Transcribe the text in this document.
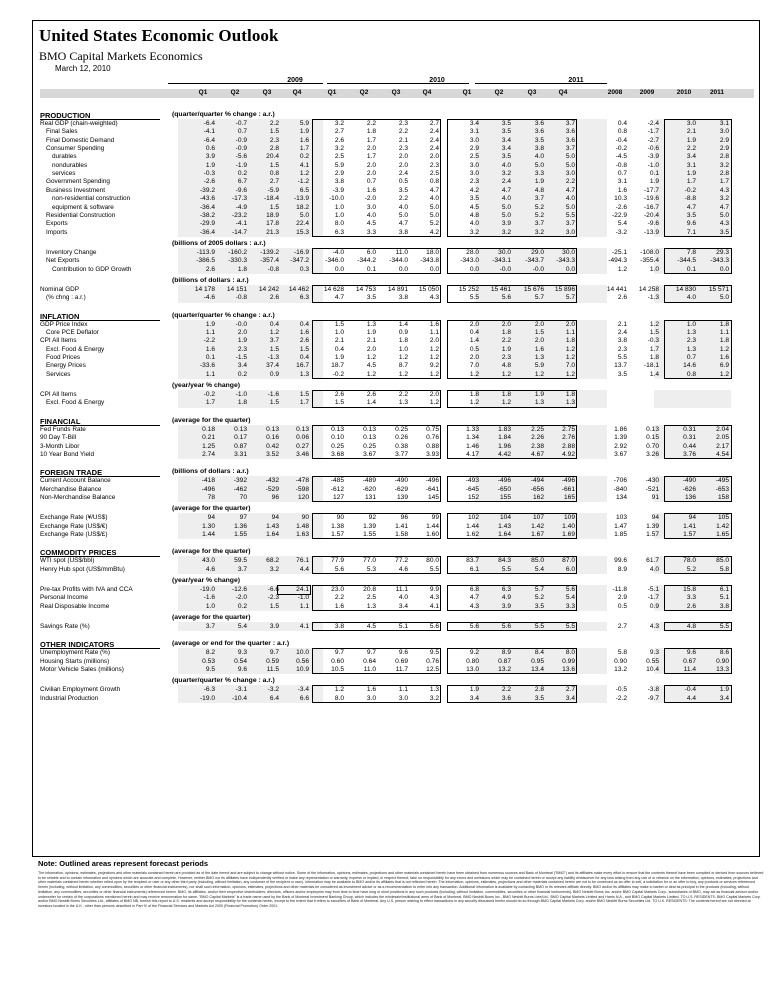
United States Economic Outlook
BMO Capital Markets Economics
March 12, 2010
2009	2010	2011
Note: Outlined areas represent forecast periods
The information, opinions, estimates, projections and other materials contained herein are provided as of the date hereof and are subject to change without notice. Some of the information, opinions, estimates, projections and other materials contained herein have been obtained from numerous sources and Bank of Montreal ("BMO") and its affiliates make every effort to ensure that the contents thereof have been compiled or derived from sources believed to be reliable and to contain information and opinions which are accurate and complete. However, neither BMO nor its affiliates have independently verified or make any representation or warranty, express or implied, in respect thereof, take no responsibility for any errors and omissions which may be contained herein or accept any liability whatsoever for any loss arising from any use of or reliance on the information, opinions, estimates, projections and other materials contained herein whether relied upon by the recipient or user or any other third party (including, without limitation, any customer of the recipient or user). Information may be available to BMO and/or its affiliates that is not reflected herein. The information, opinions, estimates, projections and other materials contained herein are not to be construed as an offer to sell, a solicitation for or an offer to buy, any products or services referenced herein (including, without limitation, any commodities, securities or other financial instruments), nor shall such information, opinions, estimates, projections and other materials be considered as investment advice or as a recommendation to enter into any transaction. Additional information is available by contacting BMO or its relevant affiliate directly. BMO and/or its affiliates may make a market or deal as principal in the products (including, without limitation, any commodities, securities or other financial instruments) referenced herein. BMO, its affiliates, and/or their respective shareholders, directors, officers and/or employees may from time to time have long or short positions in any such products (including, without limitation, commodities, securities or other financial instruments). BMO Nesbitt Burns Inc. and/or BMO Capital Markets Corp., subsidiaries of BMO, may act as financial advisor and/or underwriter for certain of the corporations mentioned herein and may receive remuneration for same. "BMO Capital Markets" is a trade name used by the Bank of Montreal Investment Banking Group, which includes the wholesale/institutional arms of Bank of Montreal, BMO Nesbitt Burns Inc., BMO Nesbitt Burns Ltée/Ltd., BMO Capital Markets Limited and Harris N.A., and BMO Capital Markets Limited. TO U.S. RESIDENTS: BMO Capital Markets Corp. and/or BMO Nesbitt Burns Securities Ltd., affiliates of BMO NB, furnish this report to U.S. residents and accept responsibility for the contents herein, except to the extent that it refers to securities of Bank of Montreal. Any U.S. person wishing to effect transactions in any security discussed herein should do so through BMO Capital Markets Corp. and/or BMO Nesbitt Burns Securities Ltd. TO U.K. RESIDENTS: The contents hereof are not directed at investors located in the U.K., other than persons described in Part IV of the Financial Services and Markets Act 2000 (Financial Promotion) Order 2001.
Q1	Q2	Q3	Q4	Q1	Q2	Q3	Q4	Q1	Q2	Q3	Q4	2008	2009	2010	2011
PRODUCTION	(quarter/quarter % change : a.r.)
Real GDP (chain-weighted)	-6.4	-0.7	2.2	5.9	3.2	2.2	2.3	2.7	3.4	3.5	3.6	3.7	0.4	-2.4	3.0	3.1
Final Sales	-4.1	0.7	1.5	1.9	2.7	1.8	2.2	2.4	3.1	3.5	3.6	3.6	0.8	-1.7	2.1	3.0
Final Domestic Demand	-6.4	-0.9	2.3	1.6	2.6	1.7	2.1	2.4	3.0	3.4	3.5	3.6	-0.4	-2.7	1.9	2.9
Consumer Spending	0.6	-0.9	2.8	1.7	3.2	2.0	2.3	2.4	2.9	3.4	3.8	3.7	-0.2	-0.6	2.2	2.9
durables	3.9	-5.6	20.4	0.2	2.5	1.7	2.0	2.0	2.5	3.5	4.0	5.0	-4.5	-3.9	3.4	2.8
nondurables	1.9	-1.9	1.5	4.1	5.9	2.0	2.0	2.3	3.0	4.0	5.0	5.0	-0.8	-1.0	3.1	3.2
services	-0.3	0.2	0.8	1.2	2.9	2.0	2.4	2.5	3.0	3.2	3.3	3.0	0.7	0.1	1.9	2.8
Government Spending	-2.6	6.7	2.7	-1.2	3.8	0.7	0.5	0.8	2.3	2.4	1.9	2.2	3.1	1.9	1.7	1.7
Business Investment	-39.2	-9.6	-5.9	6.5	-3.9	1.6	3.5	4.7	4.2	4.7	4.8	4.7	1.6	-17.7	-0.2	4.3
non-residential construction	-43.6	-17.3	-18.4	-13.9	-10.0	-2.0	2.2	4.0	3.5	4.0	3.7	4.0	10.3	-19.6	-8.8	3.2
equipment & software	-36.4	-4.9	1.5	18.2	1.0	3.0	4.0	5.0	4.5	5.0	5.2	5.0	-2.6	-16.7	4.7	4.7
Residential Construction	-38.2	-23.2	18.9	5.0	1.0	4.0	5.0	5.0	4.8	5.0	5.2	5.5	-22.9	-20.4	3.5	5.0
Exports	-29.9	-4.1	17.8	22.4	8.0	4.5	4.7	5.2	4.0	3.9	3.7	3.7	5.4	-9.6	9.6	4.3
Imports	-36.4	-14.7	21.3	15.3	6.3	3.3	3.8	4.2	3.2	3.2	3.2	3.0	-3.2	-13.9	7.1	3.5
(billions of 2005 dollars : a.r.)
Inventory Change	-113.9	-160.2	-139.2	-16.9	-4.0	6.0	11.0	18.0	28.0	30.0	29.0	30.0	-25.1	-108.0	7.8	29.3
Net Exports	-386.5	-330.3	-357.4	-347.2	-346.0	-344.2	-344.0	-343.8	-343.0	-343.1	-343.7	-343.3	-494.3	-355.4	-344.5	-343.3
Contribution to GDP Growth	2.6	1.8	-0.8	0.3	0.0	0.1	0.0	0.0	0.0	-0.0	-0.0	0.0	1.2	1.0	0.1	0.0
(billions of dollars : a.r.)
Nominal GDP	14 178	14 151	14 242	14 462	14 628	14 753	14 891	15 050	15 252	15 461	15 676	15 896	14 441	14 258	14 830	15 571
(% chng : a.r.)	-4.6	-0.8	2.6	6.3	4.7	3.5	3.8	4.3	5.5	5.6	5.7	5.7	2.6	-1.3	4.0	5.0
INFLATION	(quarter/quarter % change : a.r.)
GDP Price Index	1.9	-0.0	0.4	0.4	1.5	1.3	1.4	1.6	2.0	2.0	2.0	2.0	2.1	1.2	1.0	1.8
Core PCE Deflator	1.1	2.0	1.2	1.6	1.0	1.9	0.9	1.1	0.4	1.8	1.5	1.1	2.4	1.5	1.3	1.1
CPI All Items	-2.2	1.9	3.7	2.6	2.1	2.1	1.8	2.0	1.4	2.2	2.0	1.8	3.8	-0.3	2.3	1.8
Excl. Food & Energy	1.6	2.3	1.5	1.5	0.4	2.0	1.0	1.2	0.5	1.9	1.6	1.2	2.3	1.7	1.3	1.2
Food Prices	0.1	-1.5	-1.3	0.4	1.9	1.2	1.2	1.2	2.0	2.3	1.3	1.2	5.5	1.8	0.7	1.6
Energy Prices	-33.6	3.4	37.4	16.7	18.7	4.5	8.7	9.2	7.0	4.8	5.9	7.0	13.7	-18.1	14.6	6.9
Services	1.1	0.2	0.9	1.3	-0.2	1.2	1.2	1.2	1.2	1.2	1.2	1.2	3.5	1.4	0.8	1.2
(year/year % change)
CPI All Items	-0.2	-1.0	-1.6	1.5	2.6	2.6	2.2	2.0	1.8	1.8	1.9	1.8
Excl. Food & Energy	1.7	1.8	1.5	1.7	1.5	1.4	1.3	1.2	1.2	1.2	1.3	1.3
FINANCIAL	(average for the quarter)
Fed Funds Rate	0.18	0.13	0.13	0.13	0.13	0.13	0.25	0.75	1.33	1.83	2.25	2.75	1.86	0.13	0.31	2.04
90 Day T-Bill	0.21	0.17	0.16	0.06	0.10	0.13	0.26	0.76	1.34	1.84	2.26	2.76	1.39	0.15	0.31	2.05
3-Month Libor	1.25	0.87	0.42	0.27	0.25	0.25	0.38	0.88	1.46	1.96	2.38	2.88	2.92	0.70	0.44	2.17
10 Year Bond Yield	2.74	3.31	3.52	3.46	3.68	3.67	3.77	3.93	4.17	4.42	4.67	4.92	3.67	3.26	3.76	4.54
FOREIGN TRADE	(billions of dollars : a.r.)
Current Account Balance	-418	-392	-432	-478	-485	-489	-490	-496	-493	-496	-494	-496	-706	-430	-490	-495
Merchandise Balance	-496	-462	-529	-598	-612	-620	-629	-641	-645	-650	-656	-661	-840	-521	-626	-653
Non-Merchandise Balance	78	70	96	120	127	131	139	145	152	155	162	165	134	91	136	158
(average for the quarter)
Exchange Rate (¥/US$)	94	97	94	90	90	92	96	99	102	104	107	109	103	94	94	105
Exchange Rate (US$/€)	1.30	1.36	1.43	1.48	1.38	1.39	1.41	1.44	1.44	1.43	1.42	1.40	1.47	1.39	1.41	1.42
Exchange Rate (US$/£)	1.44	1.55	1.64	1.63	1.57	1.55	1.58	1.60	1.62	1.64	1.67	1.69	1.85	1.57	1.57	1.65
COMMODITY PRICES	(average for the quarter)
WTI spot (US$/bbl)	43.0	59.5	68.2	76.1	77.9	77.0	77.2	80.0	83.7	84.3	85.0	87.0	99.6	61.7	78.0	85.0
Henry Hub spot (US$/mmBtu)	4.6	3.7	3.2	4.4	5.6	5.3	4.6	5.5	6.1	5.5	5.4	6.0	8.9	4.0	5.2	5.8
(year/year % change)
Pre-tax Profits with IVA and CCA	-19.0	-12.6	-6.6	24.1	23.0	20.8	11.1	9.9	6.8	6.3	5.7	5.6	-11.8	-5.1	15.8	6.1
Personal Income	-1.6	-2.0	-2.3	-1.0	2.2	2.5	4.0	4.3	4.7	4.9	5.2	5.4	2.9	-1.7	3.3	5.1
Real Disposable Income	1.0	0.2	1.5	1.1	1.6	1.3	3.4	4.1	4.3	3.9	3.5	3.3	0.5	0.9	2.6	3.8
(average for the quarter)
Savings Rate (%)	3.7	5.4	3.9	4.1	3.8	4.5	5.1	5.6	5.6	5.6	5.5	5.5	2.7	4.3	4.8	5.5
OTHER INDICATORS	(average or end for the quarter : a.r.)
Unemployment Rate (%)	8.2	9.3	9.7	10.0	9.7	9.7	9.6	9.5	9.2	8.9	8.4	8.0	5.8	9.3	9.6	8.6
Housing Starts (millions)	0.53	0.54	0.59	0.56	0.60	0.64	0.69	0.76	0.80	0.87	0.95	0.99	0.90	0.55	0.67	0.90
Motor Vehicle Sales (millions)	9.5	9.6	11.5	10.9	10.5	11.0	11.7	12.5	13.0	13.2	13.4	13.6	13.2	10.4	11.4	13.3
(quarter/quarter % change : a.r.)
Civilian Employment Growth	-6.3	-3.1	-3.2	-3.4	1.2	1.6	1.1	1.3	1.9	2.2	2.8	2.7	-0.5	-3.8	-0.4	1.9
Industrial Production	-19.0	-10.4	6.4	6.6	8.0	3.0	3.0	3.2	3.4	3.6	3.5	3.4	-2.2	-9.7	4.4	3.4
